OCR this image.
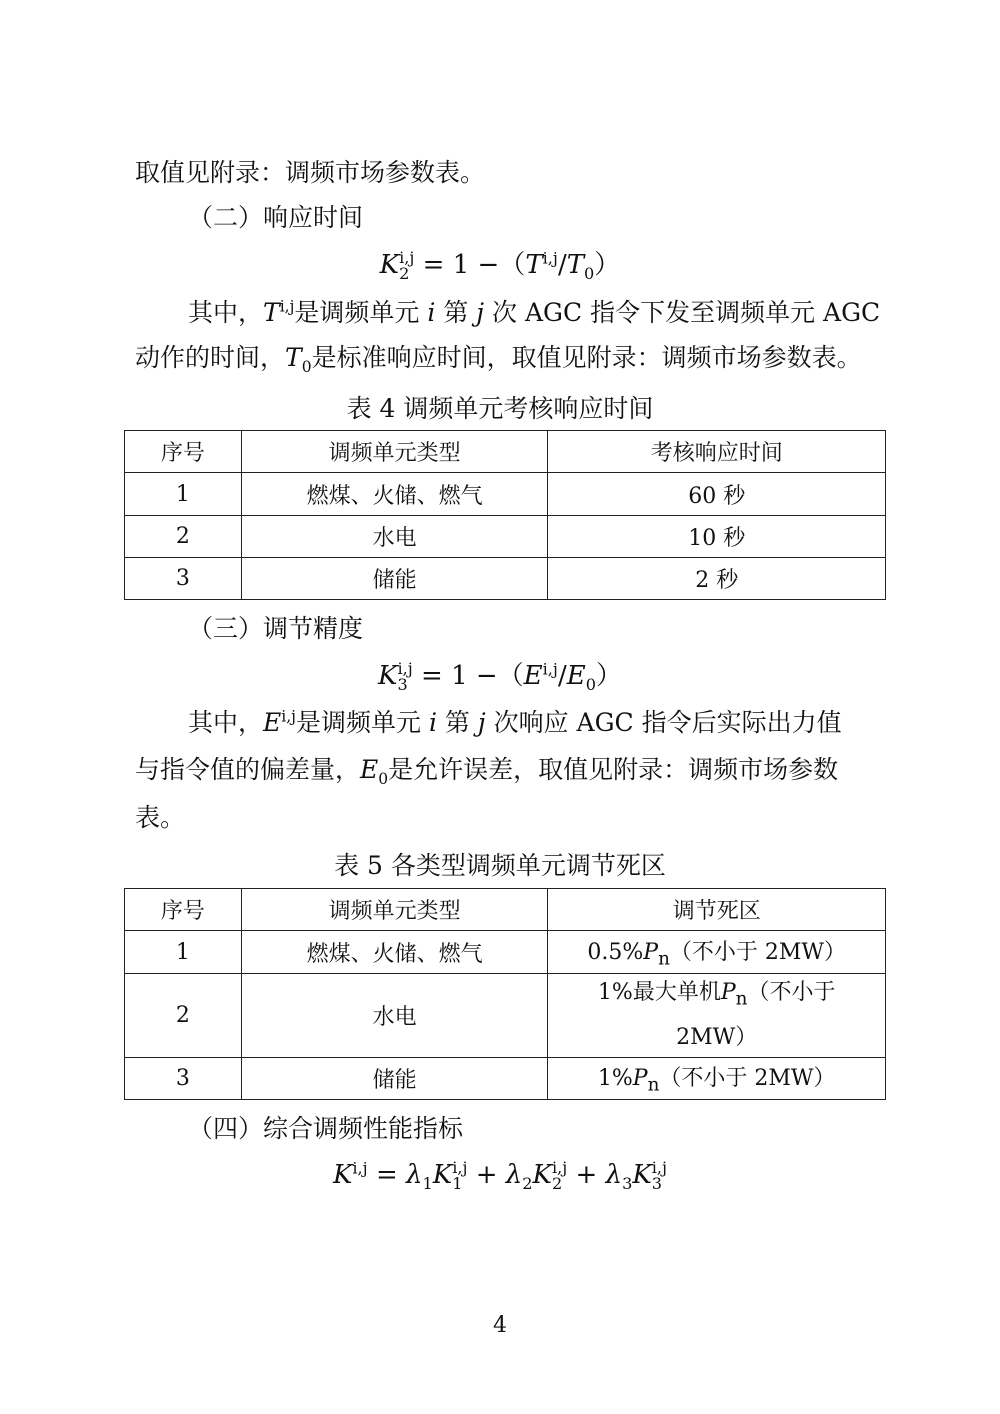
取值见附录：调频市场参数表。
（二）响应时间
K i,j
$2 = 1 -(T^{i,j}/T_0)$
其中，T$^{i,j}$是调频单元 i 第 j 次 AGC 指令下发至调频单元 AGC
动作的时间，$T_0$是标准响应时间，取值见附录：调频市场参数表。
表 4 调频单元考核响应时间
序号	调频单元类型	考核响应时间
1	燃煤、火储、燃气	60 秒
2	水电	10 秒
3	储能	2 秒
（三）调节精度
K i,j
$3 = 1 -(E^{i,j}/E_0)$
其中，E$^{i,j}$是调频单元 i 第 j 次响应 AGC 指令后实际出力值
与指令值的偏差量，$E_0$是允许误差，取值见附录：调频市场参数
表。
表 5 各类型调频单元调节死区
序号	调频单元类型	调节死区
1	燃煤、火储、燃气	$0.5\%P_n$（不小于 2MW）
2	水电	1%最大单机$P_n$（不小于
2MW）
3	储能	$1\%P_n$（不小于 2MW）
（四）综合调频性能指标
$K^{i,j} = \lambda_1K$ i,j
$1 + \lambda_2K$ i,j
$2 + \lambda_3K$ i,j
3
4
